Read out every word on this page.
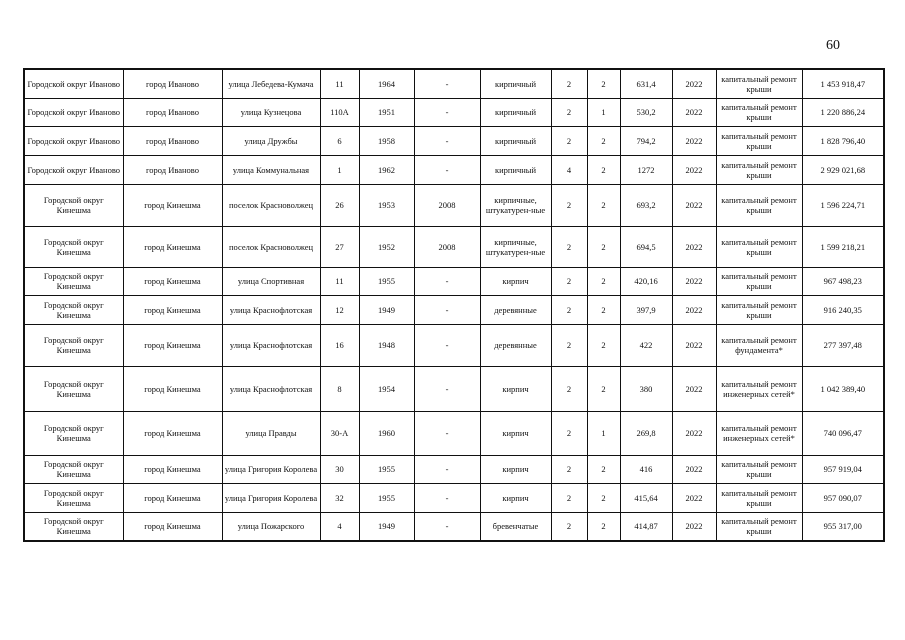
60
Городской округ Иваново	город Иваново	улица Лебедева-Кумача	11	1964	-	кирпичный	2	2	631,4	2022	капитальный ремонт крыши	1 453 918,47
Городской округ Иваново	город Иваново	улица Кузнецова	110А	1951	-	кирпичный	2	1	530,2	2022	капитальный ремонт крыши	1 220 886,24
Городской округ Иваново	город Иваново	улица Дружбы	6	1958	-	кирпичный	2	2	794,2	2022	капитальный ремонт крыши	1 828 796,40
Городской округ Иваново	город Иваново	улица Коммунальная	1	1962	-	кирпичный	4	2	1272	2022	капитальный ремонт крыши	2 929 021,68
Городской округ Кинешма	город Кинешма	поселок Красноволжец	26	1953	2008	кирпичные, штукатурен-ные	2	2	693,2	2022	капитальный ремонт крыши	1 596 224,71
Городской округ Кинешма	город Кинешма	поселок Красноволжец	27	1952	2008	кирпичные, штукатурен-ные	2	2	694,5	2022	капитальный ремонт крыши	1 599 218,21
Городской округ Кинешма	город Кинешма	улица Спортивная	11	1955	-	кирпич	2	2	420,16	2022	капитальный ремонт крыши	967 498,23
Городской округ Кинешма	город Кинешма	улица Краснофлотская	12	1949	-	деревянные	2	2	397,9	2022	капитальный ремонт крыши	916 240,35
Городской округ Кинешма	город Кинешма	улица Краснофлотская	16	1948	-	деревянные	2	2	422	2022	капитальный ремонт фундамента*	277 397,48
Городской округ Кинешма	город Кинешма	улица Краснофлотская	8	1954	-	кирпич	2	2	380	2022	капитальный ремонт инженерных сетей*	1 042 389,40
Городской округ Кинешма	город Кинешма	улица Правды	30-А	1960	-	кирпич	2	1	269,8	2022	капитальный ремонт инженерных сетей*	740 096,47
Городской округ Кинешма	город Кинешма	улица Григория Королева	30	1955	-	кирпич	2	2	416	2022	капитальный ремонт крыши	957 919,04
Городской округ Кинешма	город Кинешма	улица Григория Королева	32	1955	-	кирпич	2	2	415,64	2022	капитальный ремонт крыши	957 090,07
Городской округ Кинешма	город Кинешма	улица Пожарского	4	1949	-	бревенчатые	2	2	414,87	2022	капитальный ремонт крыши	955 317,00
